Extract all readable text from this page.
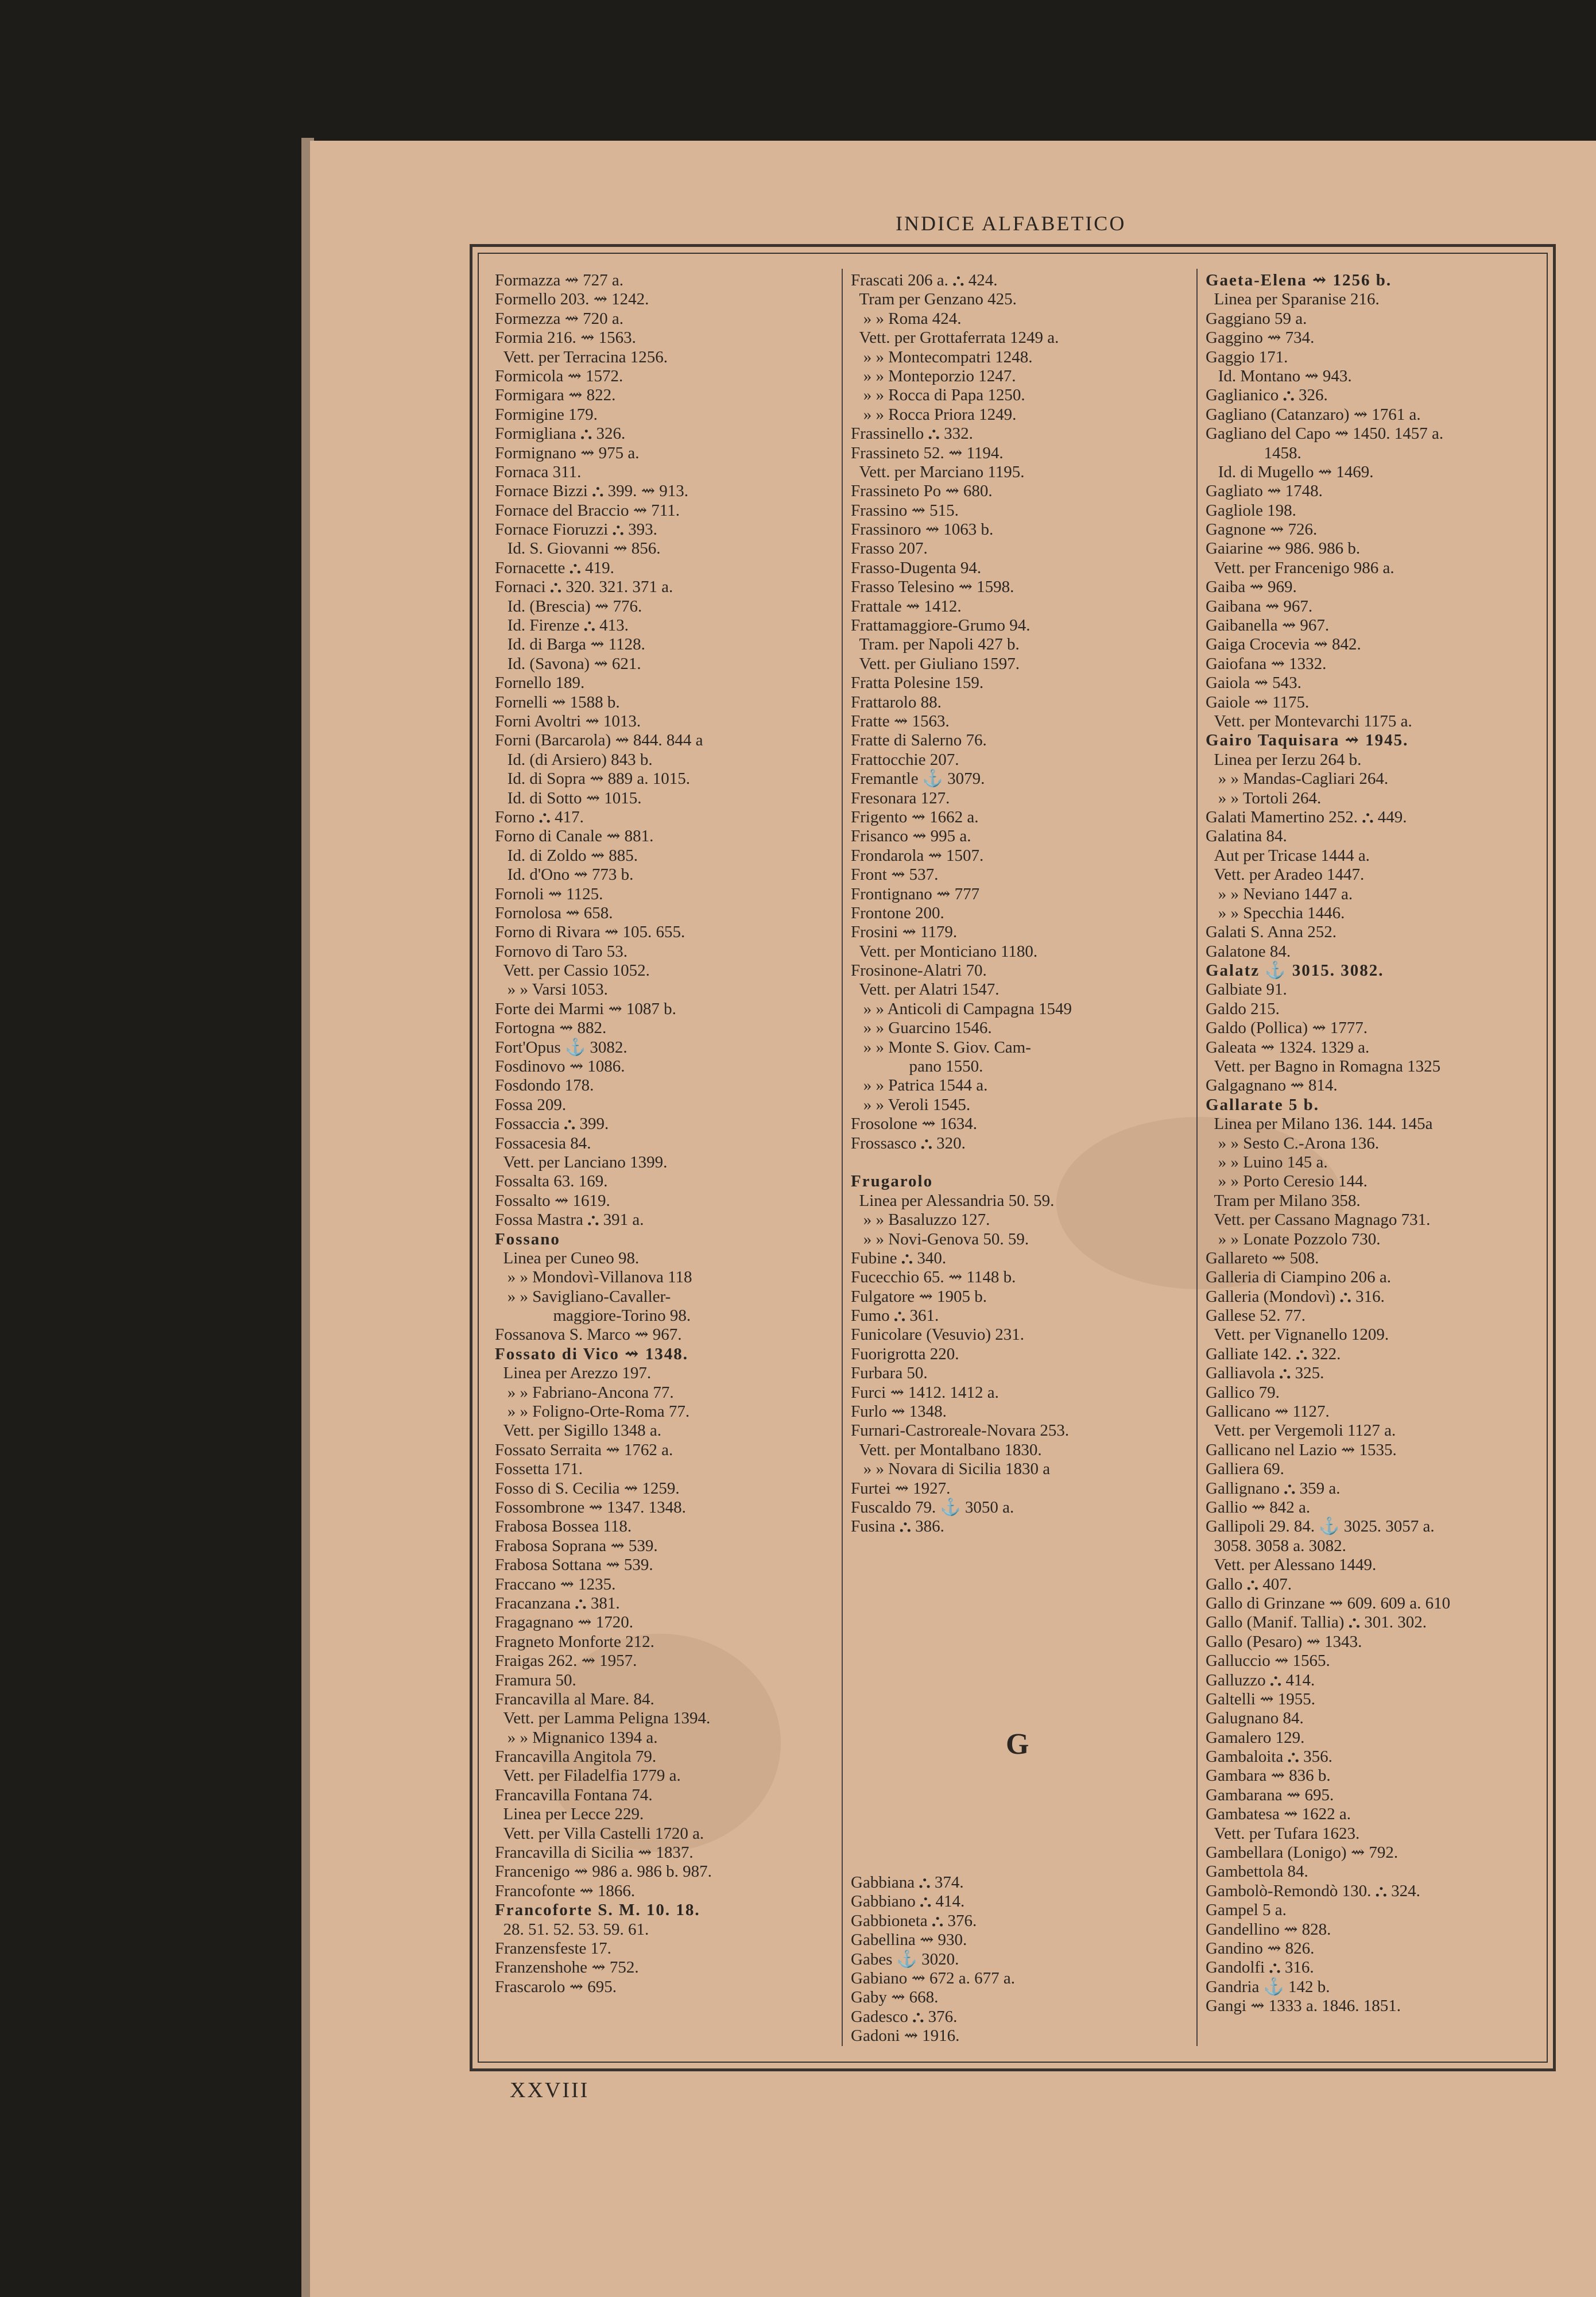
INDICE ALFABETICO
Formazza ⇝ 727 a.
Formello 203. ⇝ 1242.
Formezza ⇝ 720 a.
Formia 216. ⇝ 1563.
Vett. per Terracina 1256.
Formicola ⇝ 1572.
Formigara ⇝ 822.
Formigine 179.
Formigliana ⛬ 326.
Formignano ⇝ 975 a.
Fornaca 311.
Fornace Bizzi ⛬ 399. ⇝ 913.
Fornace del Braccio ⇝ 711.
Fornace Fioruzzi ⛬ 393.
Id. S. Giovanni ⇝ 856.
Fornacette ⛬ 419.
Fornaci ⛬ 320. 321. 371 a.
Id. (Brescia) ⇝ 776.
Id. Firenze ⛬ 413.
Id. di Barga ⇝ 1128.
Id. (Savona) ⇝ 621.
Fornello 189.
Fornelli ⇝ 1588 b.
Forni Avoltri ⇝ 1013.
Forni (Barcarola) ⇝ 844. 844 a
Id. (di Arsiero) 843 b.
Id. di Sopra ⇝ 889 a. 1015.
Id. di Sotto ⇝ 1015.
Forno ⛬ 417.
Forno di Canale ⇝ 881.
Id. di Zoldo ⇝ 885.
Id. d'Ono ⇝ 773 b.
Fornoli ⇝ 1125.
Fornolosa ⇝ 658.
Forno di Rivara ⇝ 105. 655.
Fornovo di Taro 53.
Vett. per Cassio 1052.
» » Varsi 1053.
Forte dei Marmi ⇝ 1087 b.
Fortogna ⇝ 882.
Fort'Opus ⚓ 3082.
Fosdinovo ⇝ 1086.
Fosdondo 178.
Fossa 209.
Fossaccia ⛬ 399.
Fossacesia 84.
Vett. per Lanciano 1399.
Fossalta 63. 169.
Fossalto ⇝ 1619.
Fossa Mastra ⛬ 391 a.
Fossano
Linea per Cuneo 98.
» » Mondovì-Villanova 118
» » Savigliano-Cavaller-
maggiore-Torino 98.
Fossanova S. Marco ⇝ 967.
Fossato di Vico ⇝ 1348.
Linea per Arezzo 197.
» » Fabriano-Ancona 77.
» » Foligno-Orte-Roma 77.
Vett. per Sigillo 1348 a.
Fossato Serraita ⇝ 1762 a.
Fossetta 171.
Fosso di S. Cecilia ⇝ 1259.
Fossombrone ⇝ 1347. 1348.
Frabosa Bossea 118.
Frabosa Soprana ⇝ 539.
Frabosa Sottana ⇝ 539.
Fraccano ⇝ 1235.
Fracanzana ⛬ 381.
Fragagnano ⇝ 1720.
Fragneto Monforte 212.
Fraigas 262. ⇝ 1957.
Framura 50.
Francavilla al Mare. 84.
Vett. per Lamma Peligna 1394.
» » Mignanico 1394 a.
Francavilla Angitola 79.
Vett. per Filadelfia 1779 a.
Francavilla Fontana 74.
Linea per Lecce 229.
Vett. per Villa Castelli 1720 a.
Francavilla di Sicilia ⇝ 1837.
Francenigo ⇝ 986 a. 986 b. 987.
Francofonte ⇝ 1866.
Francoforte S. M. 10. 18.
28. 51. 52. 53. 59. 61.
Franzensfeste 17.
Franzenshohe ⇝ 752.
Frascarolo ⇝ 695.
Frascati 206 a. ⛬ 424.
Tram per Genzano 425.
» » Roma 424.
Vett. per Grottaferrata 1249 a.
» » Montecompatri 1248.
» » Monteporzio 1247.
» » Rocca di Papa 1250.
» » Rocca Priora 1249.
Frassinello ⛬ 332.
Frassineto 52. ⇝ 1194.
Vett. per Marciano 1195.
Frassineto Po ⇝ 680.
Frassino ⇝ 515.
Frassinoro ⇝ 1063 b.
Frasso 207.
Frasso-Dugenta 94.
Frasso Telesino ⇝ 1598.
Frattale ⇝ 1412.
Frattamaggiore-Grumo 94.
Tram. per Napoli 427 b.
Vett. per Giuliano 1597.
Fratta Polesine 159.
Frattarolo 88.
Fratte ⇝ 1563.
Fratte di Salerno 76.
Frattocchie 207.
Fremantle ⚓ 3079.
Fresonara 127.
Frigento ⇝ 1662 a.
Frisanco ⇝ 995 a.
Frondarola ⇝ 1507.
Front ⇝ 537.
Frontignano ⇝ 777
Frontone 200.
Frosini ⇝ 1179.
Vett. per Monticiano 1180.
Frosinone-Alatri 70.
Vett. per Alatri 1547.
» » Anticoli di Campagna 1549
» » Guarcino 1546.
» » Monte S. Giov. Cam-
pano 1550.
» » Patrica 1544 a.
» » Veroli 1545.
Frosolone ⇝ 1634.
Frossasco ⛬ 320.
Frugarolo
Linea per Alessandria 50. 59.
» » Basaluzzo 127.
» » Novi-Genova 50. 59.
Fubine ⛬ 340.
Fucecchio 65. ⇝ 1148 b.
Fulgatore ⇝ 1905 b.
Fumo ⛬ 361.
Funicolare (Vesuvio) 231.
Fuorigrotta 220.
Furbara 50.
Furci ⇝ 1412. 1412 a.
Furlo ⇝ 1348.
Furnari-Castroreale-Novara 253.
Vett. per Montalbano 1830.
» » Novara di Sicilia 1830 a
Furtei ⇝ 1927.
Fuscaldo 79. ⚓ 3050 a.
Fusina ⛬ 386.
Gabbiana ⛬ 374.
Gabbiano ⛬ 414.
Gabbioneta ⛬ 376.
Gabellina ⇝ 930.
Gabes ⚓ 3020.
Gabiano ⇝ 672 a. 677 a.
Gaby ⇝ 668.
Gadesco ⛬ 376.
Gadoni ⇝ 1916.
G
Gaeta-Elena ⇝ 1256 b.
Linea per Sparanise 216.
Gaggiano 59 a.
Gaggino ⇝ 734.
Gaggio 171.
Id. Montano ⇝ 943.
Gaglianico ⛬ 326.
Gagliano (Catanzaro) ⇝ 1761 a.
Gagliano del Capo ⇝ 1450. 1457 a.
1458.
Id. di Mugello ⇝ 1469.
Gagliato ⇝ 1748.
Gagliole 198.
Gagnone ⇝ 726.
Gaiarine ⇝ 986. 986 b.
Vett. per Francenigo 986 a.
Gaiba ⇝ 969.
Gaibana ⇝ 967.
Gaibanella ⇝ 967.
Gaiga Crocevia ⇝ 842.
Gaiofana ⇝ 1332.
Gaiola ⇝ 543.
Gaiole ⇝ 1175.
Vett. per Montevarchi 1175 a.
Gairo Taquisara ⇝ 1945.
Linea per Ierzu 264 b.
» » Mandas-Cagliari 264.
» » Tortoli 264.
Galati Mamertino 252. ⛬ 449.
Galatina 84.
Aut per Tricase 1444 a.
Vett. per Aradeo 1447.
» » Neviano 1447 a.
» » Specchia 1446.
Galati S. Anna 252.
Galatone 84.
Galatz ⚓ 3015. 3082.
Galbiate 91.
Galdo 215.
Galdo (Pollica) ⇝ 1777.
Galeata ⇝ 1324. 1329 a.
Vett. per Bagno in Romagna 1325
Galgagnano ⇝ 814.
Gallarate 5 b.
Linea per Milano 136. 144. 145a
» » Sesto C.-Arona 136.
» » Luino 145 a.
» » Porto Ceresio 144.
Tram per Milano 358.
Vett. per Cassano Magnago 731.
» » Lonate Pozzolo 730.
Gallareto ⇝ 508.
Galleria di Ciampino 206 a.
Galleria (Mondovì) ⛬ 316.
Gallese 52. 77.
Vett. per Vignanello 1209.
Galliate 142. ⛬ 322.
Galliavola ⛬ 325.
Gallico 79.
Gallicano ⇝ 1127.
Vett. per Vergemoli 1127 a.
Gallicano nel Lazio ⇝ 1535.
Galliera 69.
Gallignano ⛬ 359 a.
Gallio ⇝ 842 a.
Gallipoli 29. 84. ⚓ 3025. 3057 a.
3058. 3058 a. 3082.
Vett. per Alessano 1449.
Gallo ⛬ 407.
Gallo di Grinzane ⇝ 609. 609 a. 610
Gallo (Manif. Tallia) ⛬ 301. 302.
Gallo (Pesaro) ⇝ 1343.
Galluccio ⇝ 1565.
Galluzzo ⛬ 414.
Galtelli ⇝ 1955.
Galugnano 84.
Gamalero 129.
Gambaloita ⛬ 356.
Gambara ⇝ 836 b.
Gambarana ⇝ 695.
Gambatesa ⇝ 1622 a.
Vett. per Tufara 1623.
Gambellara (Lonigo) ⇝ 792.
Gambettola 84.
Gambolò-Remondò 130. ⛬ 324.
Gampel 5 a.
Gandellino ⇝ 828.
Gandino ⇝ 826.
Gandolfi ⛬ 316.
Gandria ⚓ 142 b.
Gangi ⇝ 1333 a. 1846. 1851.
XXVIII
